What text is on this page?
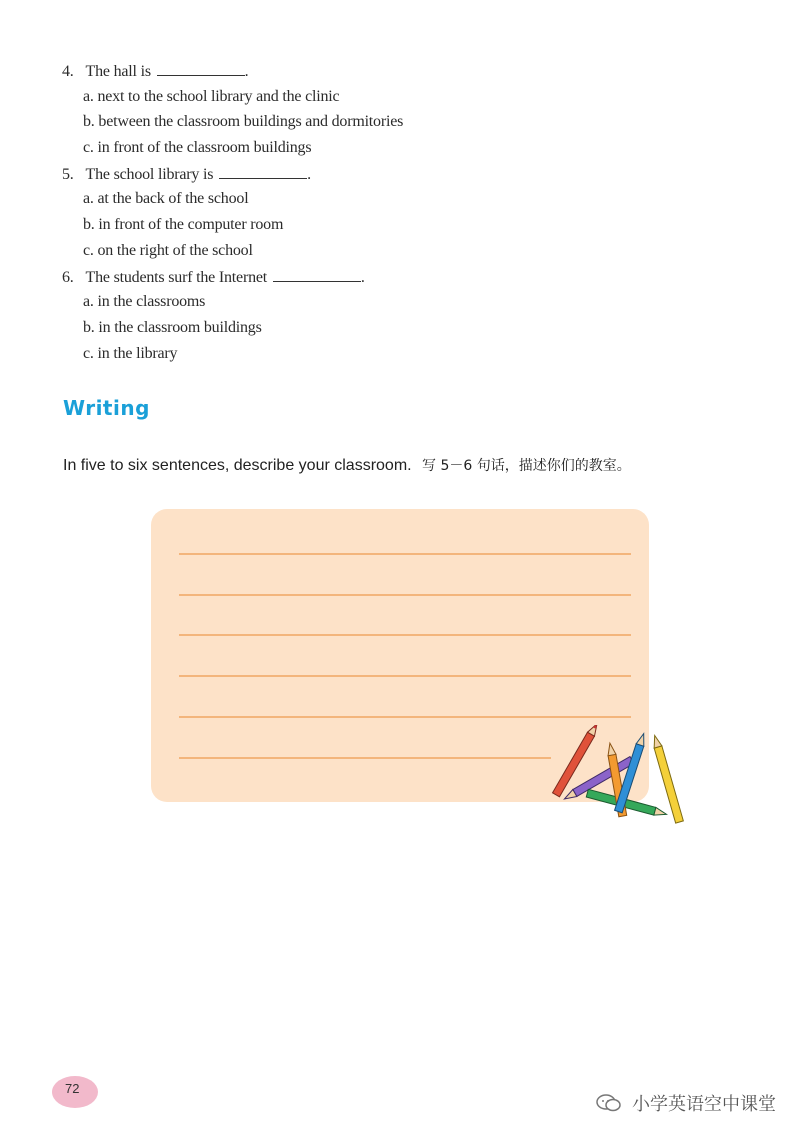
4. The hall is	.
a. next to the school library and the clinic
b. between the classroom buildings and dormitories
c. in front of the classroom buildings
5. The school library is	.
a. at the back of the school
b. in front of the computer room
c. on the right of the school
6. The students surf the Internet	.
a. in the classrooms
b. in the classroom buildings
c. in the library
Writing
In five to six sentences, describe your classroom. 写 5－6 句话，描述你们的教室。
72
小学英语空中课堂
